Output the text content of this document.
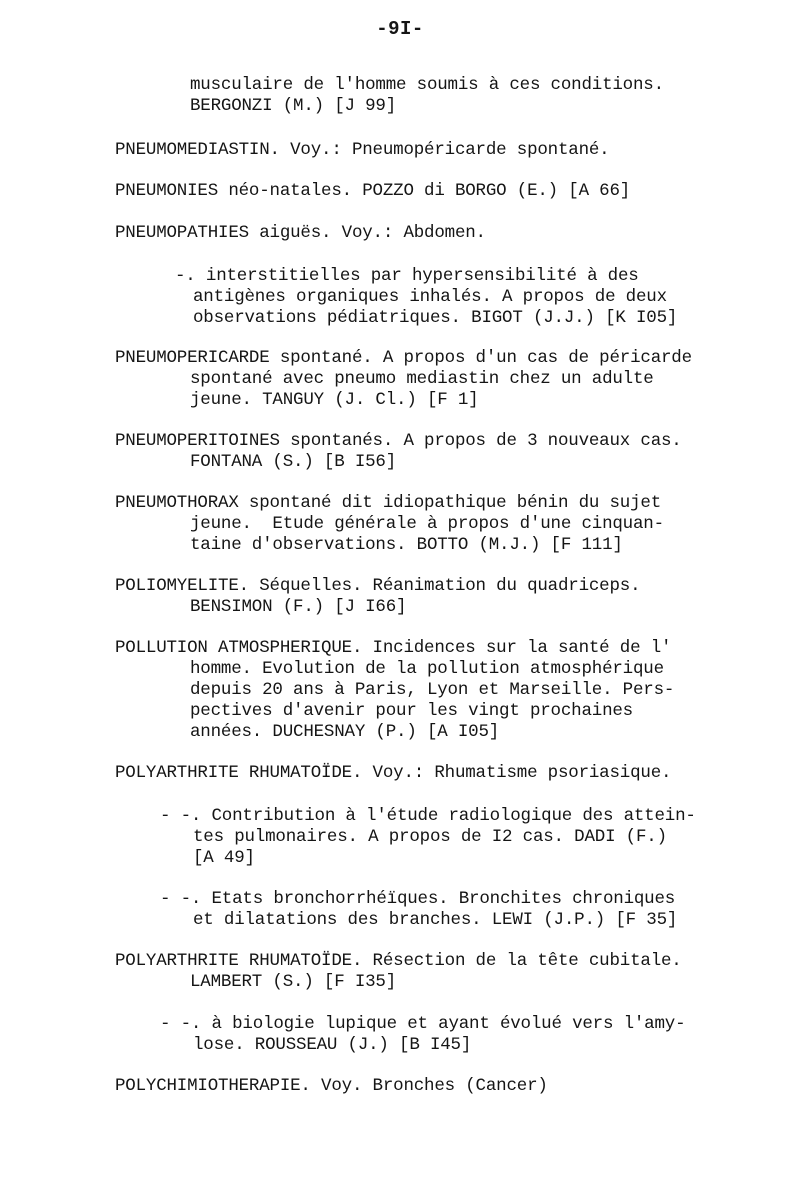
-9I-
musculaire de l'homme soumis à ces conditions.
BERGONZI (M.) [J 99]
PNEUMOMEDIASTIN. Voy.: Pneumopéricarde spontané.
PNEUMONIES néo-natales. POZZO di BORGO (E.) [A 66]
PNEUMOPATHIES aiguës. Voy.: Abdomen.
-. interstitielles par hypersensibilité à des
antigènes organiques inhalés. A propos de deux
observations pédiatriques. BIGOT (J.J.) [K I05]
PNEUMOPERICARDE spontané. A propos d'un cas de péricarde
spontané avec pneumo mediastin chez un adulte
jeune. TANGUY (J. Cl.) [F 1]
PNEUMOPERITOINES spontanés. A propos de 3 nouveaux cas.
FONTANA (S.) [B I56]
PNEUMOTHORAX spontané dit idiopathique bénin du sujet
jeune.  Etude générale à propos d'une cinquan-
taine d'observations. BOTTO (M.J.) [F 111]
POLIOMYELITE. Séquelles. Réanimation du quadriceps.
BENSIMON (F.) [J I66]
POLLUTION ATMOSPHERIQUE. Incidences sur la santé de l'
homme. Evolution de la pollution atmosphérique
depuis 20 ans à Paris, Lyon et Marseille. Pers-
pectives d'avenir pour les vingt prochaines
années. DUCHESNAY (P.) [A I05]
POLYARTHRITE RHUMATOÏDE. Voy.: Rhumatisme psoriasique.
- -. Contribution à l'étude radiologique des attein-
tes pulmonaires. A propos de I2 cas. DADI (F.)
[A 49]
- -. Etats bronchorrhéïques. Bronchites chroniques
et dilatations des branches. LEWI (J.P.) [F 35]
POLYARTHRITE RHUMATOÏDE. Résection de la tête cubitale.
LAMBERT (S.) [F I35]
- -. à biologie lupique et ayant évolué vers l'amy-
lose. ROUSSEAU (J.) [B I45]
POLYCHIMIOTHERAPIE. Voy. Bronches (Cancer)
